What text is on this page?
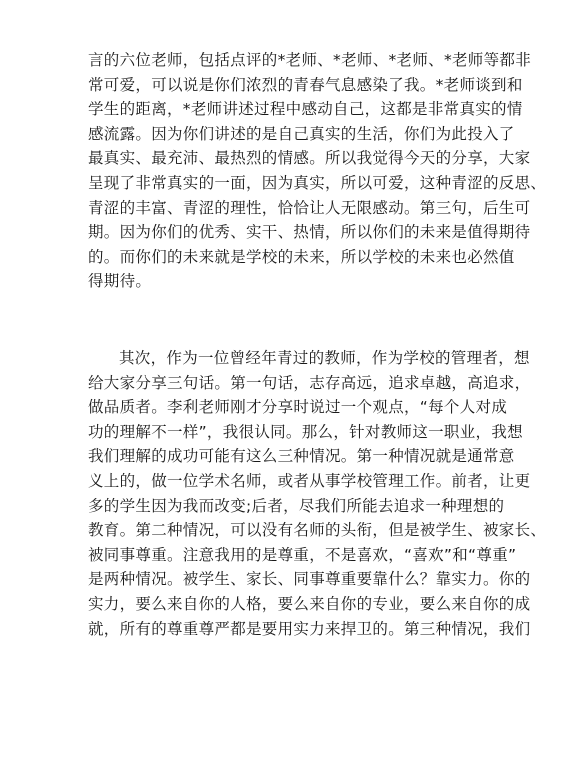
言的六位老师，包括点评的*老师、*老师、*老师、*老师等都非
常可爱，可以说是你们浓烈的青春气息感染了我。*老师谈到和
学生的距离，*老师讲述过程中感动自己，这都是非常真实的情
感流露。因为你们讲述的是自己真实的生活，你们为此投入了
最真实、最充沛、最热烈的情感。所以我觉得今天的分享，大家
呈现了非常真实的一面，因为真实，所以可爱，这种青涩的反思、
青涩的丰富、青涩的理性，恰恰让人无限感动。第三句，后生可
期。因为你们的优秀、实干、热情，所以你们的未来是值得期待
的。而你们的未来就是学校的未来，所以学校的未来也必然值
得期待。
其次，作为一位曾经年青过的教师，作为学校的管理者，想
给大家分享三句话。第一句话，志存高远，追求卓越，高追求，
做品质者。李利老师刚才分享时说过一个观点，“每个人对成
功的理解不一样”，我很认同。那么，针对教师这一职业，我想
我们理解的成功可能有这么三种情况。第一种情况就是通常意
义上的，做一位学术名师，或者从事学校管理工作。前者，让更
多的学生因为我而改变;后者，尽我们所能去追求一种理想的
教育。第二种情况，可以没有名师的头衔，但是被学生、被家长、
被同事尊重。注意我用的是尊重，不是喜欢，“喜欢”和“尊重”
是两种情况。被学生、家长、同事尊重要靠什么？靠实力。你的
实力，要么来自你的人格，要么来自你的专业，要么来自你的成
就，所有的尊重尊严都是要用实力来捍卫的。第三种情况，我们
